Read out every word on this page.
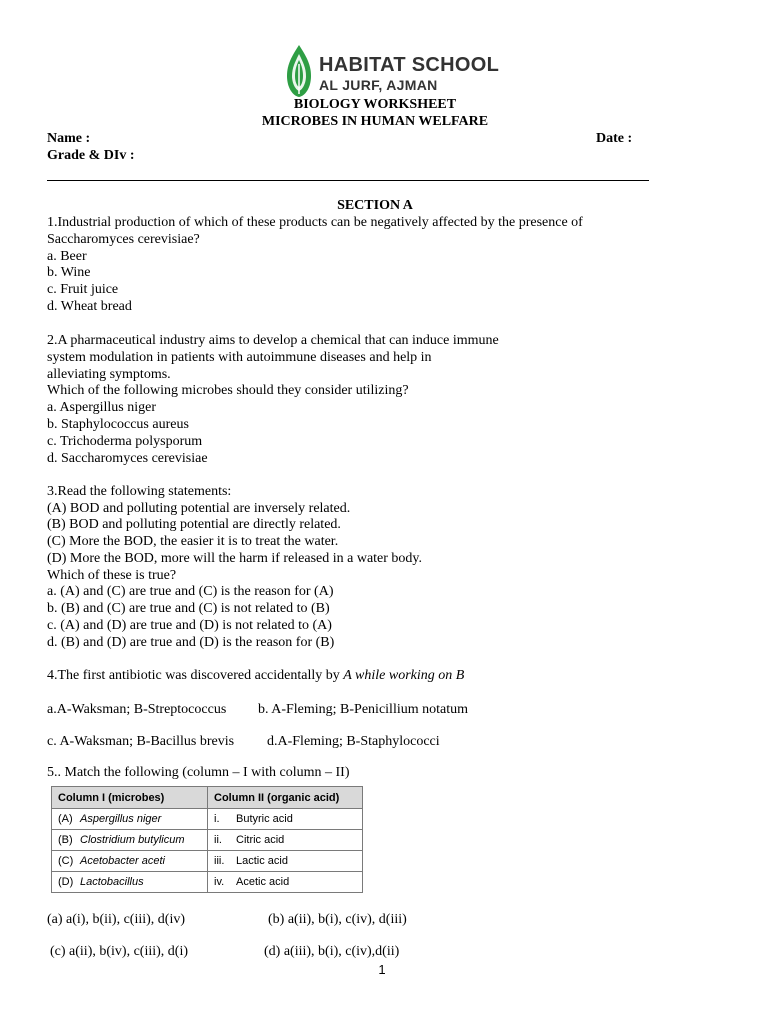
HABITAT SCHOOL
AL JURF, AJMAN
BIOLOGY WORKSHEET
MICROBES IN HUMAN WELFARE
Name :	Date :
Grade & DIv :
SECTION A
1.Industrial production of which of these products can be negatively affected by the presence of
Saccharomyces cerevisiae?
a. Beer
b. Wine
c. Fruit juice
d. Wheat bread
2.A pharmaceutical industry aims to develop a chemical that can induce immune
system modulation in patients with autoimmune diseases and help in
alleviating symptoms.
Which of the following microbes should they consider utilizing?
a. Aspergillus niger
b. Staphylococcus aureus
c. Trichoderma polysporum
d. Saccharomyces cerevisiae
3.Read the following statements:
(A) BOD and polluting potential are inversely related.
(B) BOD and polluting potential are directly related.
(C) More the BOD, the easier it is to treat the water.
(D) More the BOD, more will the harm if released in a water body.
Which of these is true?
a. (A) and (C) are true and (C) is the reason for (A)
b. (B) and (C) are true and (C) is not related to (B)
c. (A) and (D) are true and (D) is not related to (A)
d. (B) and (D) are true and (D) is the reason for (B)
4.The first antibiotic was discovered accidentally by A while working on B
a.A-Waksman; B-Streptococcus b. A-Fleming; B-Penicillium notatum
c. A-Waksman; B-Bacillus brevis d.A-Fleming; B-Staphylococci
5.. Match the following (column – I with column – II)
Column I (microbes)	Column II (organic acid)
(A) Aspergillus niger	i. Butyric acid
(B) Clostridium butylicum	ii. Citric acid
(C) Acetobacter aceti	iii. Lactic acid
(D) Lactobacillus	iv. Acetic acid
(a) a(i), b(ii), c(iii), d(iv)	(b) a(ii), b(i), c(iv), d(iii)
(c) a(ii), b(iv), c(iii), d(i)	(d) a(iii), b(i), c(iv),d(ii)
1
